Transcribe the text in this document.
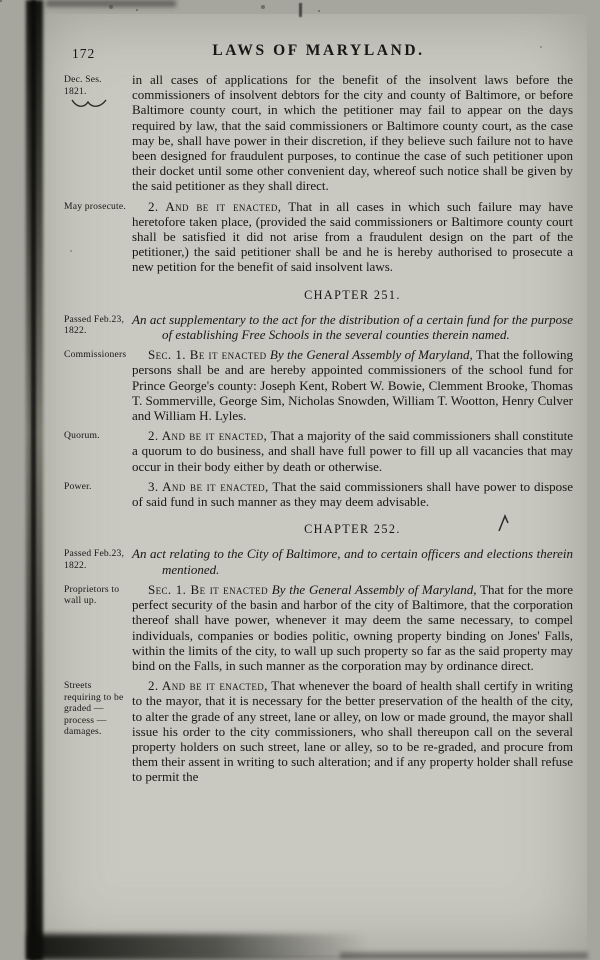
172	LAWS OF MARYLAND.
Dec. Ses. 1821.

in all cases of applications for the benefit of the insolvent laws before the commissioners of insolvent debtors for the city and county of Baltimore, or before Baltimore county court, in which the petitioner may fail to appear on the days required by law, that the said commissioners or Baltimore county court, as the case may be, shall have power in their discretion, if they believe such failure not to have been designed for fraudulent purposes, to continue the case of such petitioner upon their docket until some other convenient day, whereof such notice shall be given by the said petitioner as they shall direct.

May prosecute.	2. And be it enacted, That in all cases in which such failure may have heretofore taken place, (provided the said commissioners or Baltimore county court shall be satisfied it did not arise from a fraudulent design on the part of the petitioner,) the said petitioner shall be and he is hereby authorised to prosecute a new petition for the benefit of said insolvent laws.

CHAPTER 251.
Passed Feb.23, 1822.

An act supplementary to the act for the distribution of a certain fund for the purpose of establishing Free Schools in the several counties therein named.

Commissioners	Sec. 1. Be it enacted By the General Assembly of Maryland, That the following persons shall be and are hereby appointed commissioners of the school fund for Prince George's county: Joseph Kent, Robert W. Bowie, Clemment Brooke, Thomas T. Sommerville, George Sim, Nicholas Snowden, William T. Wootton, Henry Culver and William H. Lyles.

Quorum.	2. And be it enacted, That a majority of the said commissioners shall constitute a quorum to do business, and shall have full power to fill up all vacancies that may occur in their body either by death or otherwise.

Power.	3. And be it enacted, That the said commissioners shall have power to dispose of said fund in such manner as they may deem advisable.

CHAPTER 252.
Passed Feb.23, 1822.

An act relating to the City of Baltimore, and to certain officers and elections therein mentioned.

Proprietors to wall up.

Sec. 1. Be it enacted By the General Assembly of Maryland, That for the more perfect security of the basin and harbor of the city of Baltimore, that the corporation thereof shall have power, whenever it may deem the same necessary, to compel individuals, companies or bodies politic, owning property binding on Jones' Falls, within the limits of the city, to wall up such property so far as the said property may bind on the Falls, in such manner as the corporation may by ordinance direct.

Streets requiring to be graded —process — damages.

2. And be it enacted, That whenever the board of health shall certify in writing to the mayor, that it is necessary for the better preservation of the health of the city, to alter the grade of any street, lane or alley, on low or made ground, the mayor shall issue his order to the city commissioners, who shall thereupon call on the several property holders on such street, lane or alley, so to be re-graded, and procure from them their assent in writing to such alteration; and if any property holder shall refuse to permit the
